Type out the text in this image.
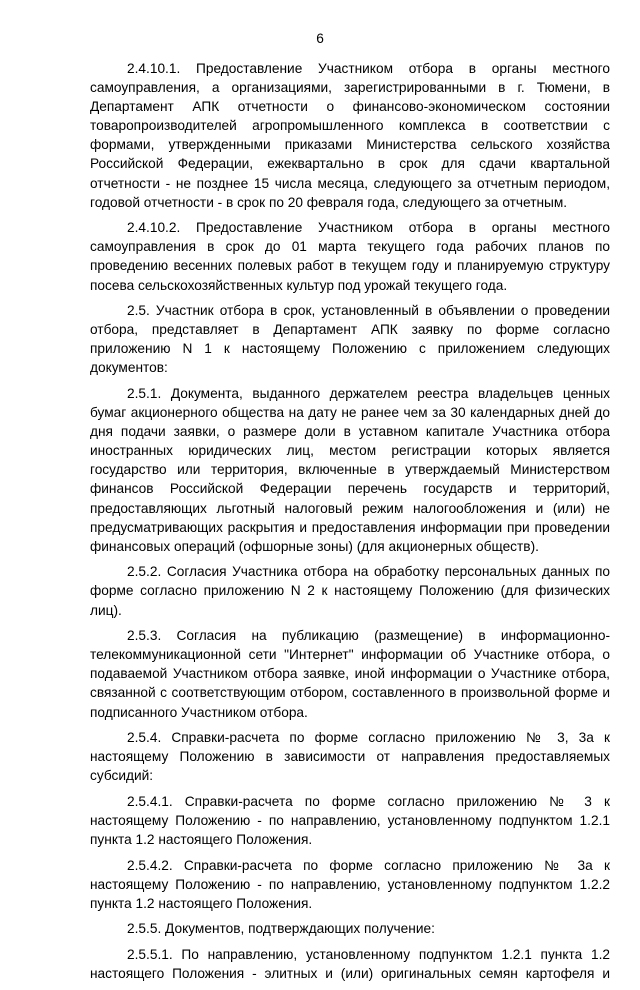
6

2.4.10.1. Предоставление Участником отбора в органы местного самоуправления, а организациями, зарегистрированными в г. Тюмени, в Департамент АПК отчетности о финансово-экономическом состоянии товаропроизводителей агропромышленного комплекса в соответствии с формами, утвержденными приказами Министерства сельского хозяйства Российской Федерации, ежеквартально в срок для сдачи квартальной отчетности - не позднее 15 числа месяца, следующего за отчетным периодом, годовой отчетности - в срок по 20 февраля года, следующего за отчетным.

2.4.10.2. Предоставление Участником отбора в органы местного самоуправления в срок до 01 марта текущего года рабочих планов по проведению весенних полевых работ в текущем году и планируемую структуру посева сельскохозяйственных культур под урожай текущего года.

2.5. Участник отбора в срок, установленный в объявлении о проведении отбора, представляет в Департамент АПК заявку по форме согласно приложению N 1 к настоящему Положению с приложением следующих документов:

2.5.1. Документа, выданного держателем реестра владельцев ценных бумаг акционерного общества на дату не ранее чем за 30 календарных дней до дня подачи заявки, о размере доли в уставном капитале Участника отбора иностранных юридических лиц, местом регистрации которых является государство или территория, включенные в утверждаемый Министерством финансов Российской Федерации перечень государств и территорий, предоставляющих льготный налоговый режим налогообложения и (или) не предусматривающих раскрытия и предоставления информации при проведении финансовых операций (офшорные зоны) (для акционерных обществ).

2.5.2. Согласия Участника отбора на обработку персональных данных по форме согласно приложению N 2 к настоящему Положению (для физических лиц).

2.5.3. Согласия на публикацию (размещение) в информационно-телекоммуникационной сети "Интернет" информации об Участнике отбора, о подаваемой Участником отбора заявке, иной информации о Участнике отбора, связанной с соответствующим отбором, составленного в произвольной форме и подписанного Участником отбора.

2.5.4. Справки-расчета по форме согласно приложению № 3, 3а к настоящему Положению в зависимости от направления предоставляемых субсидий:

2.5.4.1. Справки-расчета по форме согласно приложению № 3 к настоящему Положению - по направлению, установленному подпунктом 1.2.1 пункта 1.2 настоящего Положения.

2.5.4.2. Справки-расчета по форме согласно приложению № 3а к настоящему Положению - по направлению, установленному подпунктом 1.2.2 пункта 1.2 настоящего Положения.

2.5.5. Документов, подтверждающих получение:

2.5.5.1. По направлению, установленному подпунктом 1.2.1 пункта 1.2 настоящего Положения - элитных и (или) оригинальных семян картофеля и
